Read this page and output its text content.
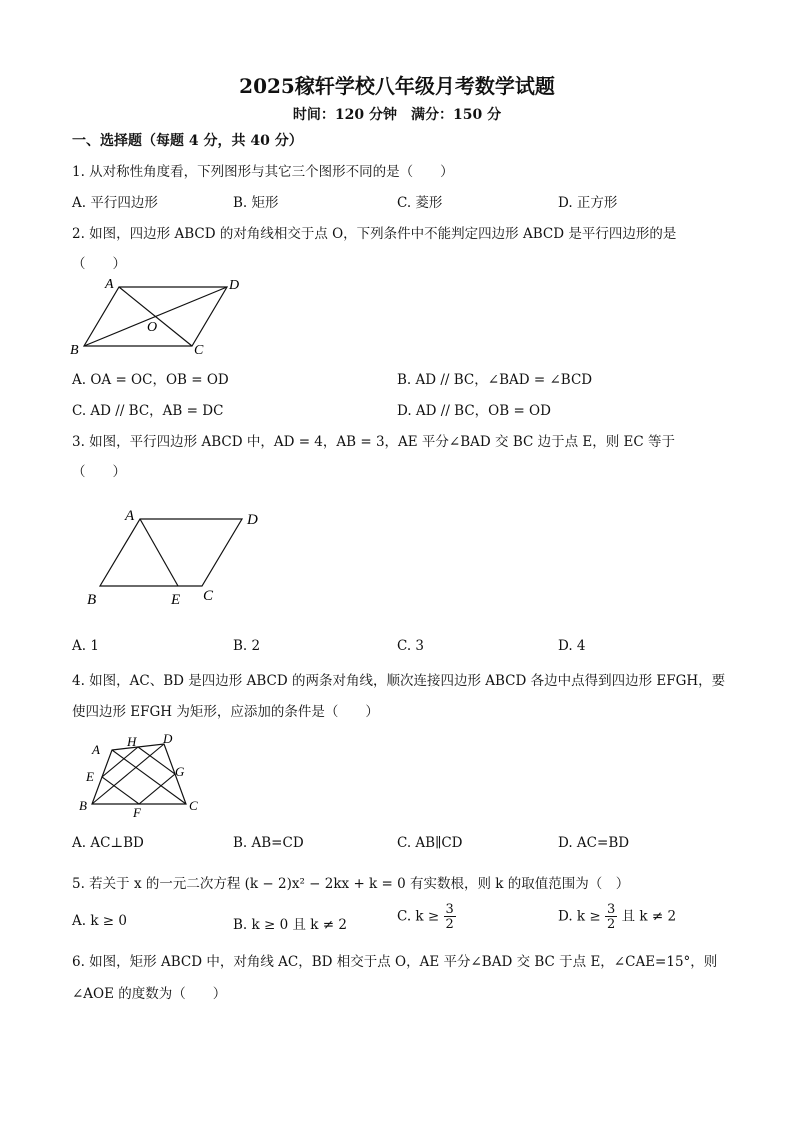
2025稼轩学校八年级月考数学试题
时间：120 分钟　满分：150 分
一、选择题（每题 4 分，共 40 分）
1. 从对称性角度看，下列图形与其它三个图形不同的是（　　）
A. 平行四边形	B. 矩形	C. 菱形	D. 正方形
2. 如图，四边形 ABCD 的对角线相交于点 O，下列条件中不能判定四边形 ABCD 是平行四边形的是
（　　）
A	D
B	C
O
A. OA = OC，OB = OD	B. AD // BC，∠BAD = ∠BCD
C. AD // BC，AB = DC	D. AD // BC，OB = OD
3. 如图，平行四边形 ABCD 中，AD = 4，AB = 3，AE 平分∠BAD 交 BC 边于点 E，则 EC 等于
（　　）
A	D
B	E C
A. 1	B. 2	C. 3	D. 4
4. 如图，AC、BD 是四边形 ABCD 的两条对角线，顺次连接四边形 ABCD 各边中点得到四边形 EFGH，要
使四边形 EFGH 为矩形，应添加的条件是（　　）
A
H D
E	G
B	F	C
A. AC⊥BD	B. AB=CD	C. AB∥CD	D. AC=BD
5. 若关于 x 的一元二次方程 (k − 2)x² − 2kx + k = 0 有实数根，则 k 的取值范围为（　）
A. k ≥ 0	B. k ≥ 0 且 k ≠ 2
C. $k \ge \frac{3}{2}$	D. $k \ge \frac{3}{2}$ 且 k ≠ 2
6. 如图，矩形 ABCD 中，对角线 AC，BD 相交于点 O，AE 平分∠BAD 交 BC 于点 E，∠CAE=15°，则
∠AOE 的度数为（　　）
